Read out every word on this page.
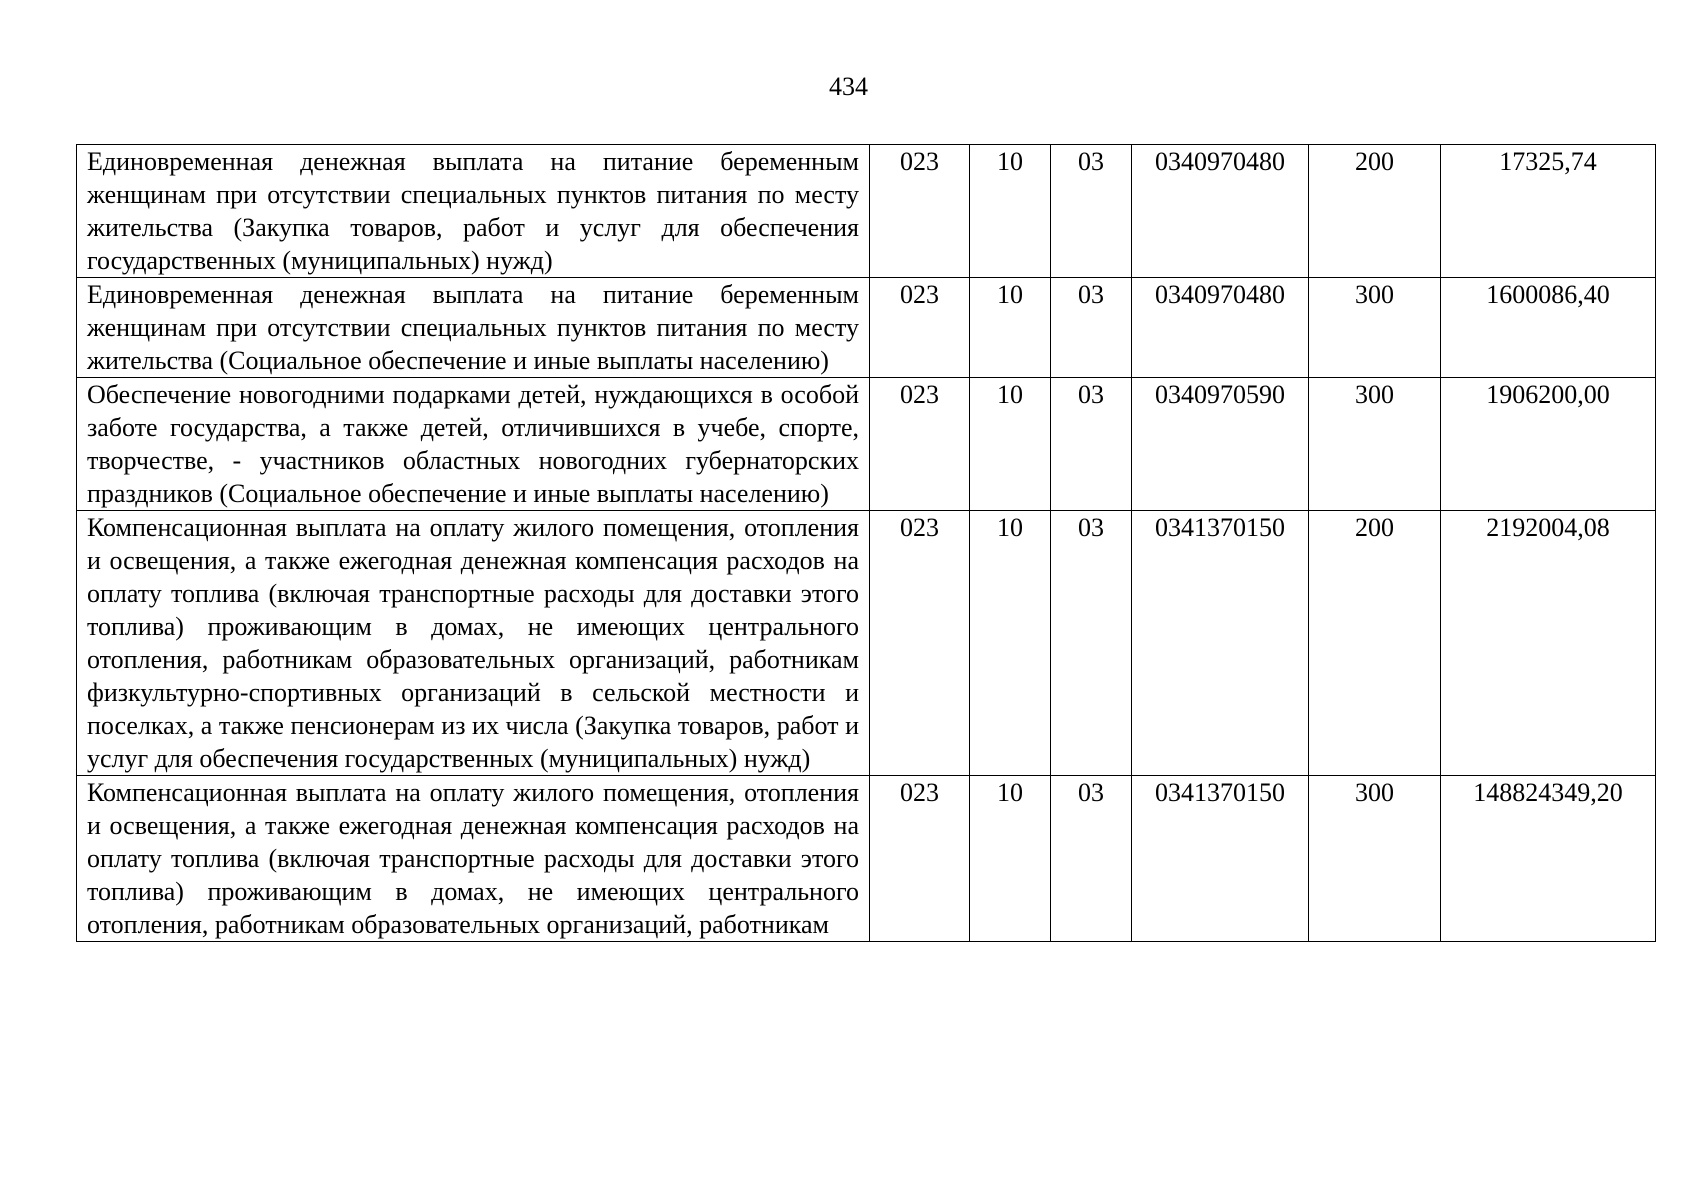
434
Единовременная денежная выплата на питание беременным женщинам при отсутствии специальных пунктов питания по месту жительства (Закупка товаров, работ и услуг для обеспечения государственных (муниципальных) нужд)	023	10	03	0340970480	200	17325,74
Единовременная денежная выплата на питание беременным женщинам при отсутствии специальных пунктов питания по месту жительства (Социальное обеспечение и иные выплаты населению)	023	10	03	0340970480	300	1600086,40
Обеспечение новогодними подарками детей, нуждающихся в особой заботе государства, а также детей, отличившихся в учебе, спорте, творчестве, - участников областных новогодних губернаторских праздников (Социальное обеспечение и иные выплаты населению)	023	10	03	0340970590	300	1906200,00
Компенсационная выплата на оплату жилого помещения, отопления и освещения, а также ежегодная денежная компенсация расходов на оплату топлива (включая транспортные расходы для доставки этого топлива) проживающим в домах, не имеющих центрального отопления, работникам образовательных организаций, работникам физкультурно-спортивных организаций в сельской местности и поселках, а также пенсионерам из их числа (Закупка товаров, работ и услуг для обеспечения государственных (муниципальных) нужд)	023	10	03	0341370150	200	2192004,08
Компенсационная выплата на оплату жилого помещения, отопления и освещения, а также ежегодная денежная компенсация расходов на оплату топлива (включая транспортные расходы для доставки этого топлива) проживающим в домах, не имеющих центрального отопления, работникам образовательных организаций, работникам	023	10	03	0341370150	300	148824349,20
